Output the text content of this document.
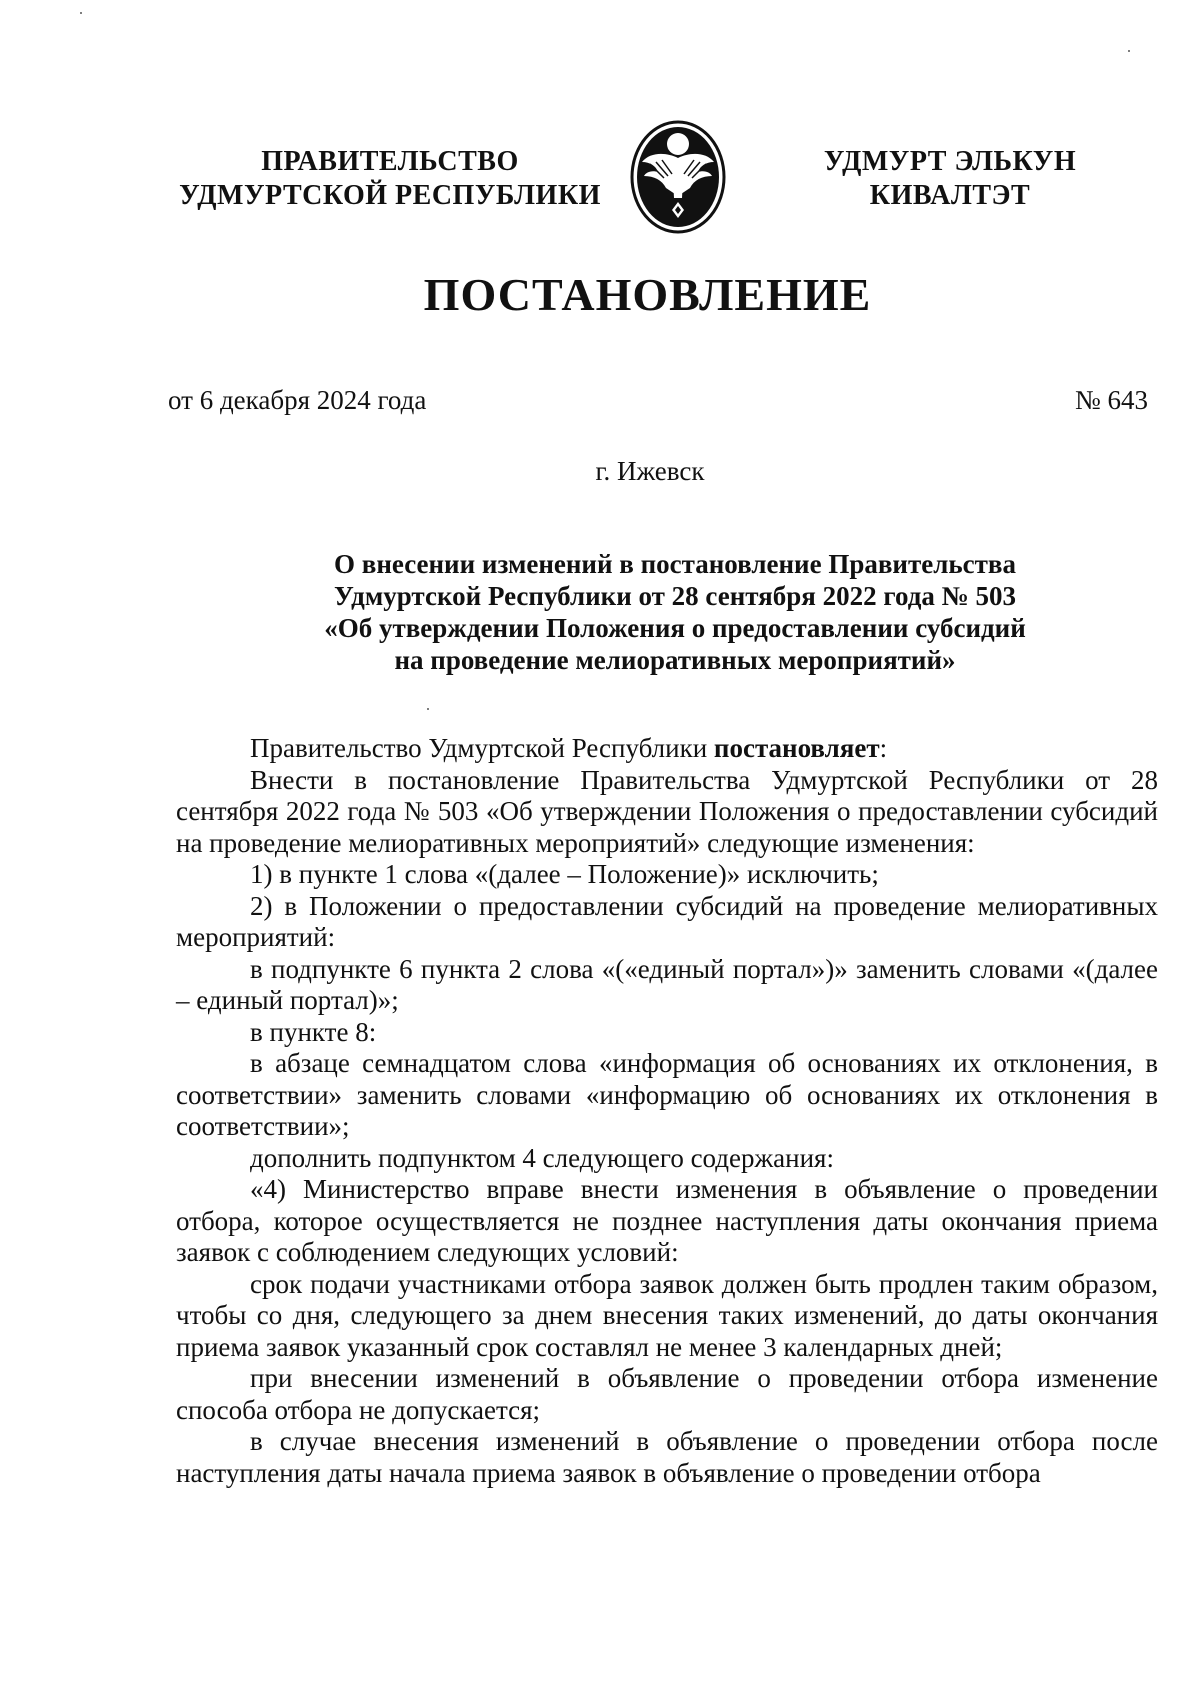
ПРАВИТЕЛЬСТВО
УДМУРТСКОЙ РЕСПУБЛИКИ
УДМУРТ ЭЛЬКУН
КИВАЛТЭТ
ПОСТАНОВЛЕНИЕ
от 6 декабря 2024 года	№ 643
г. Ижевск
О внесении изменений в постановление Правительства
Удмуртской Республики от 28 сентября 2022 года № 503
«Об утверждении Положения о предоставлении субсидий
на проведение мелиоративных мероприятий»

Правительство Удмуртской Республики постановляет:

Внести в постановление Правительства Удмуртской Республики от 28 сентября 2022 года № 503 «Об утверждении Положения о предоставлении субсидий на проведение мелиоративных мероприятий» следующие изменения:

1) в пункте 1 слова «(далее – Положение)» исключить;

2) в Положении о предоставлении субсидий на проведение мелиоративных мероприятий:

в подпункте 6 пункта 2 слова «(«единый портал»)» заменить словами «(далее – единый портал)»;

в пункте 8:

в абзаце семнадцатом слова «информация об основаниях их отклонения, в соответствии» заменить словами «информацию об основаниях их отклонения в соответствии»;

дополнить подпунктом 4 следующего содержания:

«4) Министерство вправе внести изменения в объявление о проведении отбора, которое осуществляется не позднее наступления даты окончания приема заявок с соблюдением следующих условий:

срок подачи участниками отбора заявок должен быть продлен таким образом, чтобы со дня, следующего за днем внесения таких изменений, до даты окончания приема заявок указанный срок составлял не менее 3 календарных дней;

при внесении изменений в объявление о проведении отбора изменение способа отбора не допускается;

в случае внесения изменений в объявление о проведении отбора после наступления даты начала приема заявок в объявление о проведении отбора
